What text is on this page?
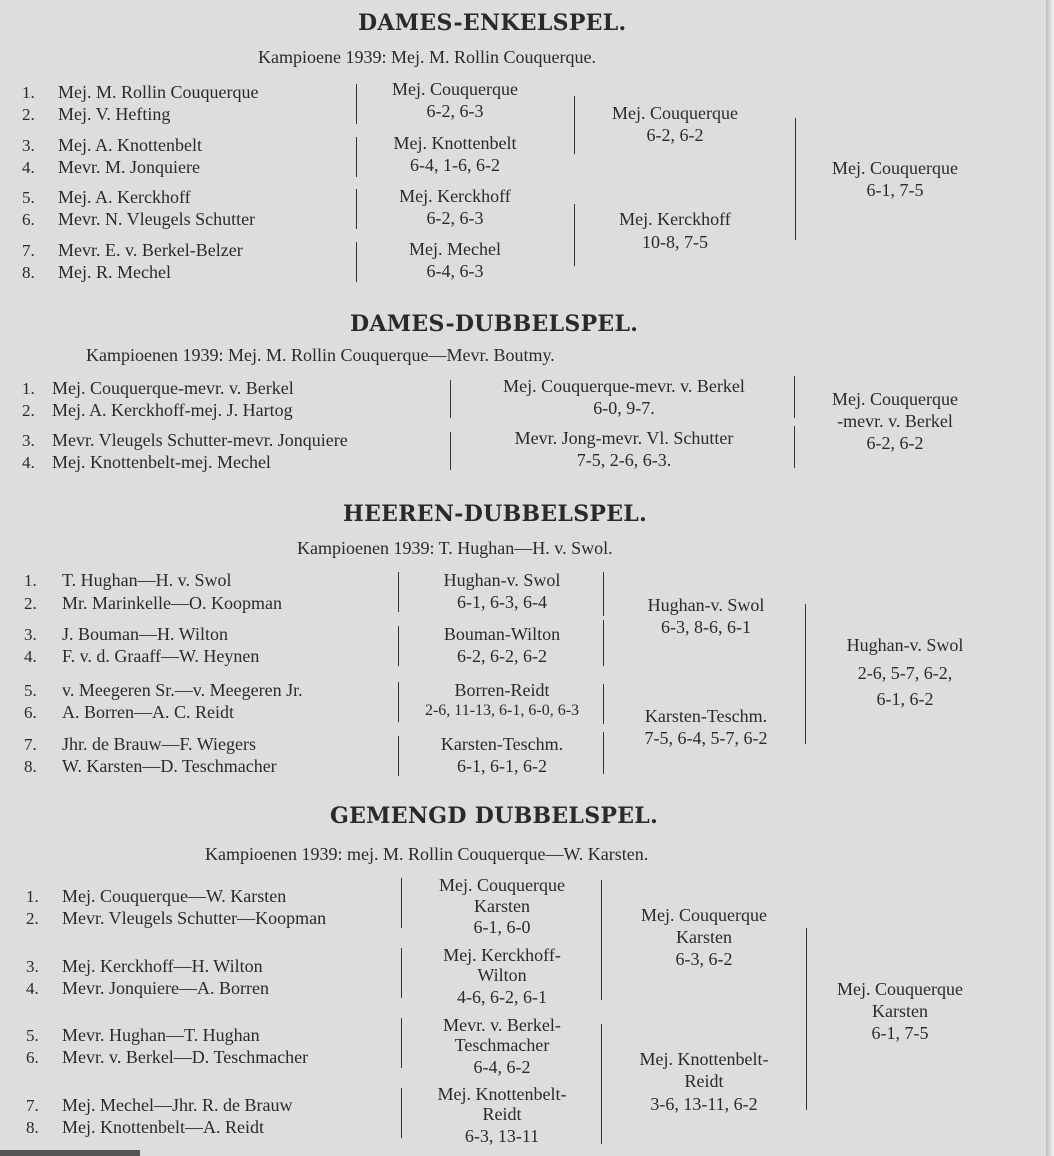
DAMES-ENKELSPEL.
Kampioene 1939: Mej. M. Rollin Couquerque.
1.
2.
3.
4.
5.
6.
7.
8.
Mej. M. Rollin Couquerque
Mej. V. Hefting
Mej. A. Knottenbelt
Mevr. M. Jonquiere
Mej. A. Kerckhoff
Mevr. N. Vleugels Schutter
Mevr. E. v. Berkel-Belzer
Mej. R. Mechel
Mej. Couquerque
6-2, 6-3
Mej. Knottenbelt
6-4, 1-6, 6-2
Mej. Kerckhoff
6-2, 6-3
Mej. Mechel
6-4, 6-3
Mej. Couquerque
6-2, 6-2
Mej. Kerckhoff
10-8, 7-5
Mej. Couquerque
6-1, 7-5
DAMES-DUBBELSPEL.
Kampioenen 1939: Mej. M. Rollin Couquerque—Mevr. Boutmy.
1.
2.
3.
4.
Mej. Couquerque-mevr. v. Berkel
Mej. A. Kerckhoff-mej. J. Hartog
Mevr. Vleugels Schutter-mevr. Jonquiere
Mej. Knottenbelt-mej. Mechel
Mej. Couquerque-mevr. v. Berkel
6-0, 9-7.
Mevr. Jong-mevr. Vl. Schutter
7-5, 2-6, 6-3.
Mej. Couquerque
-mevr. v. Berkel
6-2, 6-2
HEEREN-DUBBELSPEL.
Kampioenen 1939: T. Hughan—H. v. Swol.
1.
2.
3.
4.
5.
6.
7.
8.
T. Hughan—H. v. Swol
Mr. Marinkelle—O. Koopman
J. Bouman—H. Wilton
F. v. d. Graaff—W. Heynen
v. Meegeren Sr.—v. Meegeren Jr.
A. Borren—A. C. Reidt
Jhr. de Brauw—F. Wiegers
W. Karsten—D. Teschmacher
Hughan-v. Swol
6-1, 6-3, 6-4
Bouman-Wilton
6-2, 6-2, 6-2
Borren-Reidt
2-6, 11-13, 6-1, 6-0, 6-3
Karsten-Teschm.
6-1, 6-1, 6-2
Hughan-v. Swol
6-3, 8-6, 6-1
Karsten-Teschm.
7-5, 6-4, 5-7, 6-2
Hughan-v. Swol
2-6, 5-7, 6-2,
6-1, 6-2
GEMENGD DUBBELSPEL.
Kampioenen 1939: mej. M. Rollin Couquerque—W. Karsten.
1.
2.
3.
4.
5.
6.
7.
8.
Mej. Couquerque—W. Karsten
Mevr. Vleugels Schutter—Koopman
Mej. Kerckhoff—H. Wilton
Mevr. Jonquiere—A. Borren
Mevr. Hughan—T. Hughan
Mevr. v. Berkel—D. Teschmacher
Mej. Mechel—Jhr. R. de Brauw
Mej. Knottenbelt—A. Reidt
Mej. Couquerque
Karsten
6-1, 6-0
Mej. Kerckhoff-
Wilton
4-6, 6-2, 6-1
Mevr. v. Berkel-
Teschmacher
6-4, 6-2
Mej. Knottenbelt-
Reidt
6-3, 13-11
Mej. Couquerque
Karsten
6-3, 6-2
Mej. Knottenbelt-
Reidt
3-6, 13-11, 6-2
Mej. Couquerque
Karsten
6-1, 7-5
